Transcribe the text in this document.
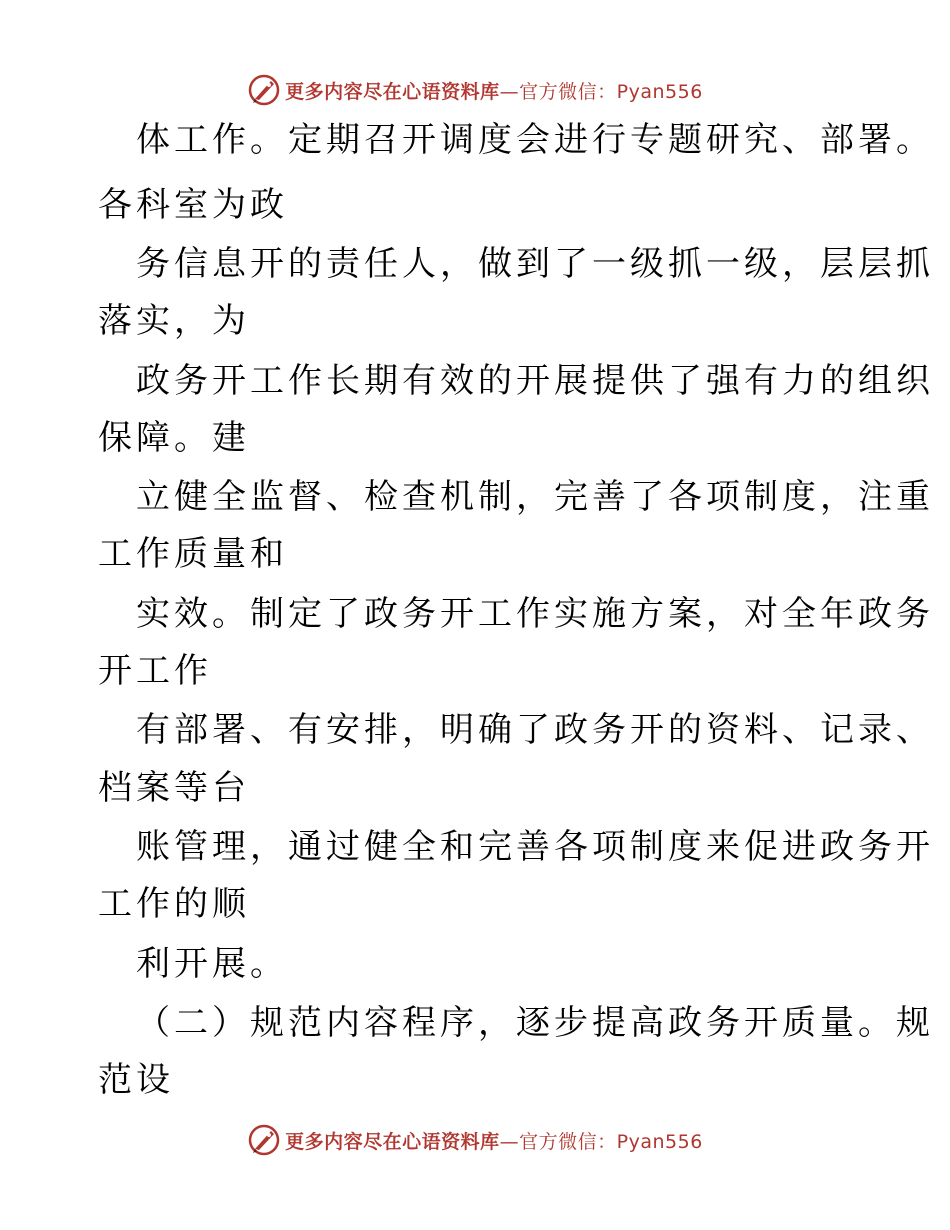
更多内容尽在心语资料库—官方微信：Pyan556
体工作。定期召开调度会进行专题研究、部署。
各科室为政
务信息开的责任人，做到了一级抓一级，层层抓
落实，为
政务开工作长期有效的开展提供了强有力的组织
保障。建
立健全监督、检查机制，完善了各项制度，注重
工作质量和
实效。制定了政务开工作实施方案，对全年政务
开工作
有部署、有安排，明确了政务开的资料、记录、
档案等台
账管理，通过健全和完善各项制度来促进政务开
工作的顺
利开展。
（二）规范内容程序，逐步提高政务开质量。规
范设
更多内容尽在心语资料库—官方微信：Pyan556
